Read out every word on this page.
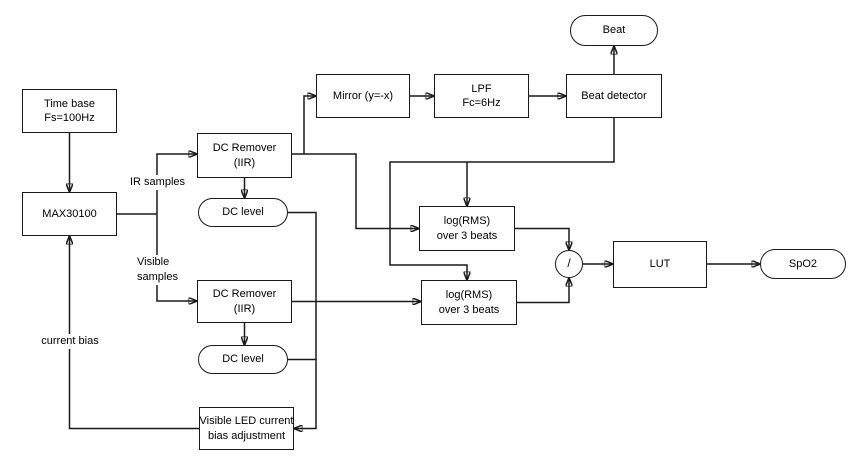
Time base
Fs=100Hz
MAX30100
DC Remover
(IIR)
DC level
Mirror (y=-x)
LPF
Fc=6Hz
Beat detector
Beat
log(RMS)
over 3 beats
DC Remover
(IIR)
DC level
log(RMS)
over 3 beats
/	LUT	SpO2
Visible LED current
bias adjustment
IR samples
Visible
samples
current bias
